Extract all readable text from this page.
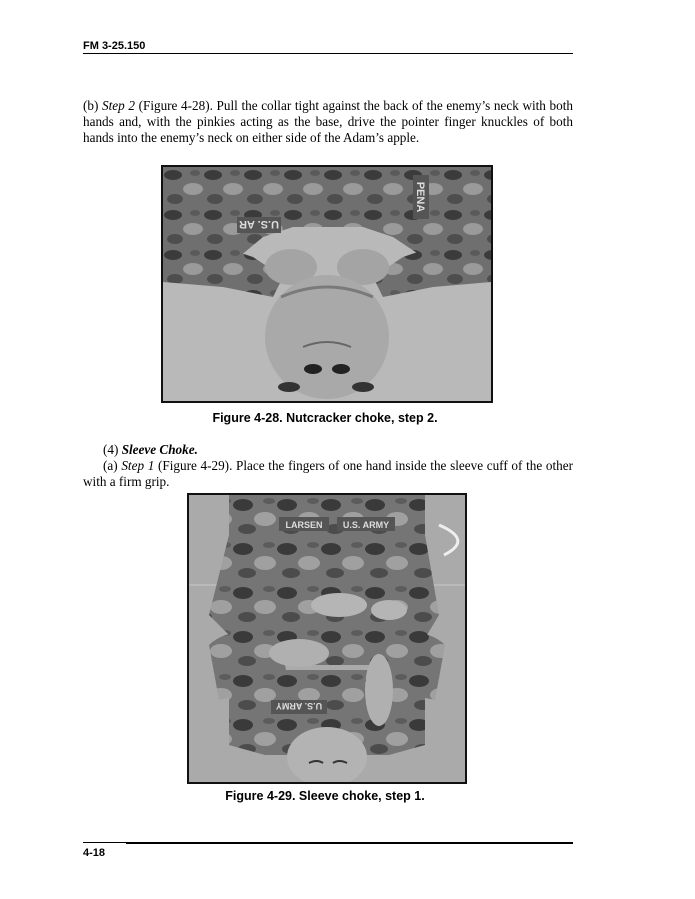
FM 3-25.150

(b) Step 2 (Figure 4-28). Pull the collar tight against the back of the enemy’s neck with both hands and, with the pinkies acting as the base, drive the pointer finger knuckles of both hands into the enemy’s neck on either side of the Adam’s apple.

U.S. AR
PENA
Figure 4-28. Nutcracker choke, step 2.

(4) Sleeve Choke.

(a) Step 1 (Figure 4-29). Place the fingers of one hand inside the sleeve cuff of the other with a firm grip.

LARSEN U.S. ARMY
U.S. ARMY
Figure 4-29. Sleeve choke, step 1.
4-18
